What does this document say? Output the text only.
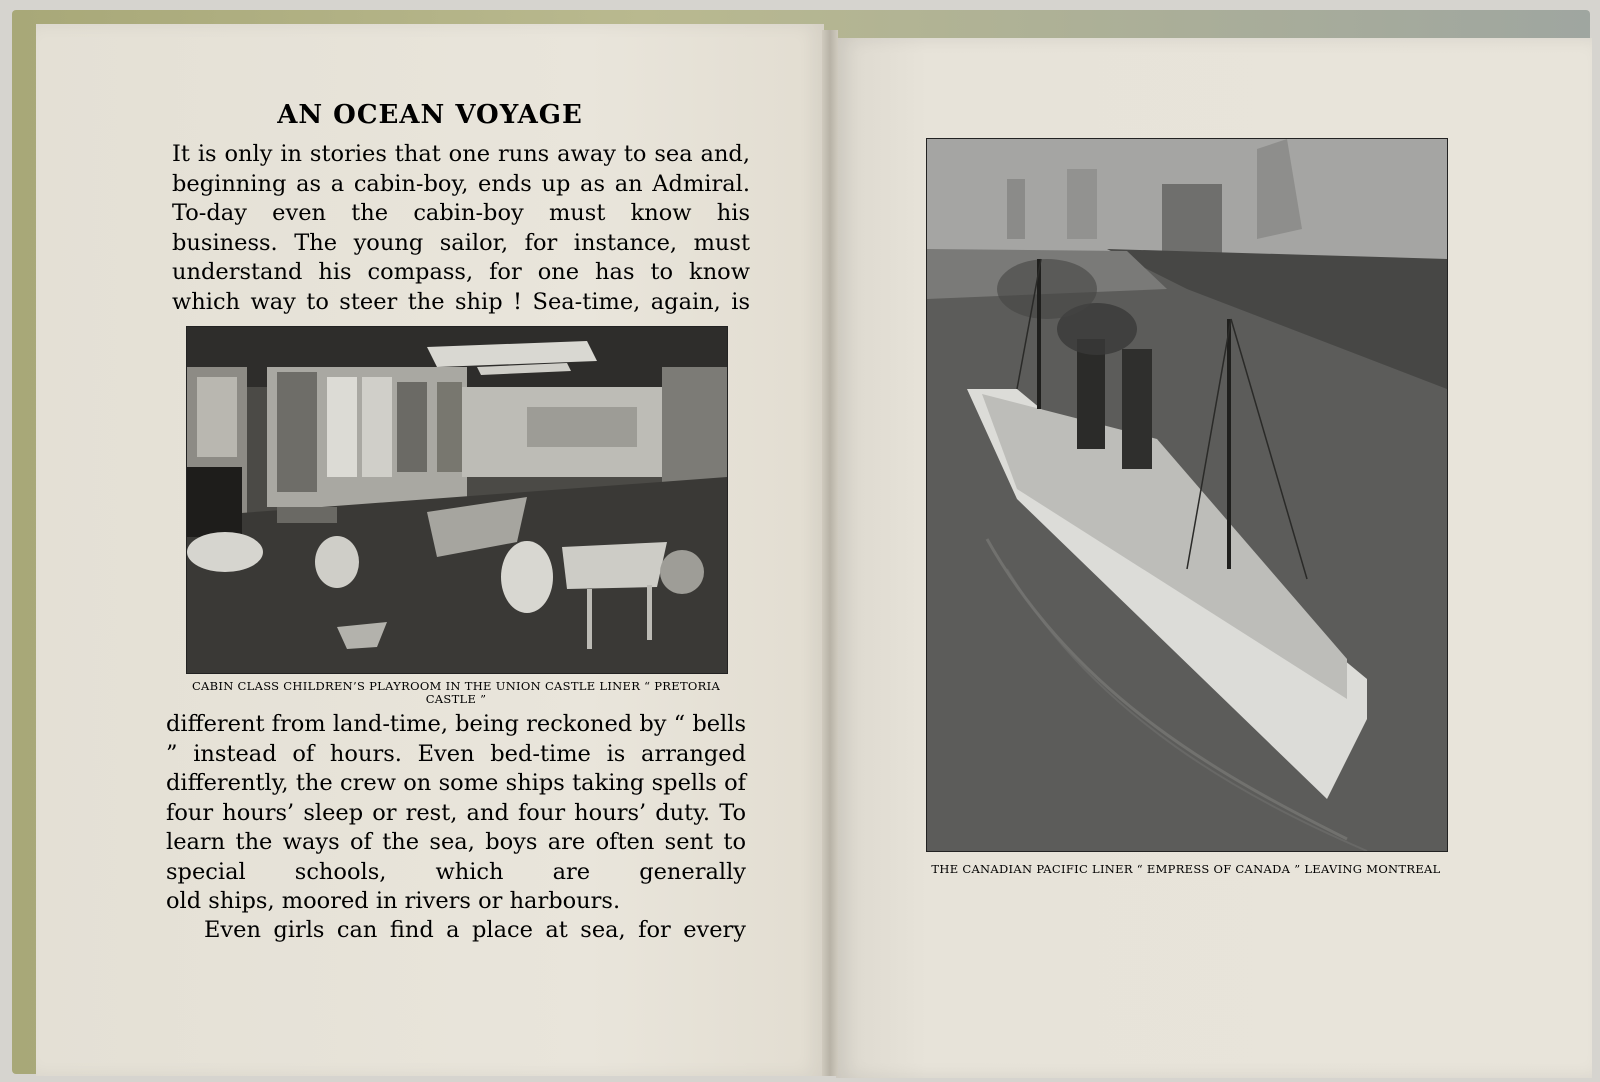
AN OCEAN VOYAGE

It is only in stories that one runs away to sea and, beginning as a cabin-boy, ends up as an Admiral. To-day even the cabin-boy must know his business. The young sailor, for instance, must understand his compass, for one has to know

which way to steer the ship ! Sea-time, again, is

CABIN CLASS CHILDREN’S PLAYROOM IN THE UNION CASTLE LINER “ PRETORIA CASTLE ”

different from land-time, being reckoned by “ bells ” instead of hours. Even bed-time is arranged differently, the crew on some ships taking spells of four hours’ sleep or rest, and four hours’ duty. To learn the ways of the sea, boys are often sent to special schools, which are generally

old ships, moored in rivers or harbours.

Even girls can find a place at sea, for every

THE CANADIAN PACIFIC LINER “ EMPRESS OF CANADA ” LEAVING MONTREAL
